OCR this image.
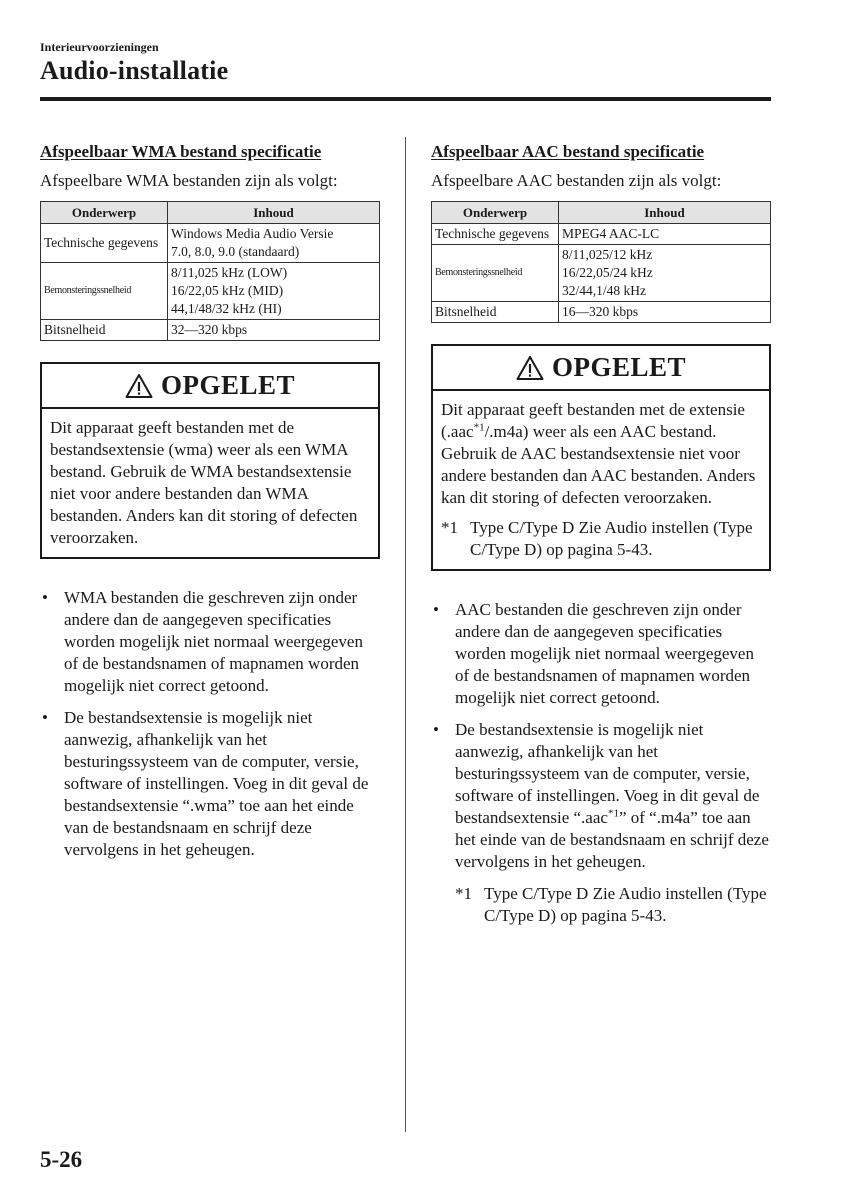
Interieurvoorzieningen
Audio-installatie
Afspeelbaar WMA bestand specificatie

Afspeelbare WMA bestanden zijn als volgt:

Onderwerp	Inhoud
Technische gegevens	Windows Media Audio Versie
7.0, 8.0, 9.0 (standaard)

Bemonsteringssnelheid	8/11,025 kHz (LOW)
16/22,05 kHz (MID)
44,1/48/32 kHz (HI)

Bitsnelheid	32—320 kbps
OPGELET

Dit apparaat geeft bestanden met de bestandsextensie (wma) weer als een WMA bestand. Gebruik de WMA bestandsextensie niet voor andere bestanden dan WMA bestanden. Anders kan dit storing of defecten veroorzaken.

• WMA bestanden die geschreven zijn onder andere dan de aangegeven specificaties worden mogelijk niet normaal weergegeven of de bestandsnamen of mapnamen worden mogelijk niet correct getoond.
• De bestandsextensie is mogelijk niet aanwezig, afhankelijk van het besturingssysteem van de computer, versie, software of instellingen. Voeg in dit geval de bestandsextensie “.wma” toe aan het einde van de bestandsnaam en schrijf deze vervolgens in het geheugen.
Afspeelbaar AAC bestand specificatie

Afspeelbare AAC bestanden zijn als volgt:

Onderwerp	Inhoud
Technische gegevens	MPEG4 AAC-LC
Bemonsteringssnelheid	8/11,025/12 kHz
16/22,05/24 kHz
32/44,1/48 kHz

Bitsnelheid	16—320 kbps
OPGELET

Dit apparaat geeft bestanden met de extensie (.aac$^{*1}$/.m4a) weer als een AAC bestand. Gebruik de AAC bestandsextensie niet voor andere bestanden dan AAC bestanden. Anders kan dit storing of defecten veroorzaken.

*1 Type C/Type D Zie Audio instellen (Type C/Type D) op pagina 5-43.
• AAC bestanden die geschreven zijn onder andere dan de aangegeven specificaties worden mogelijk niet normaal weergegeven of de bestandsnamen of mapnamen worden mogelijk niet correct getoond.
• De bestandsextensie is mogelijk niet aanwezig, afhankelijk van het besturingssysteem van de computer, versie, software of instellingen. Voeg in dit geval de bestandsextensie “.aac$^{*1}$” of “.m4a” toe aan het einde van de bestandsnaam en schrijf deze vervolgens in het geheugen.
*1 Type C/Type D Zie Audio instellen (Type C/Type D) op pagina 5-43.
5-26
